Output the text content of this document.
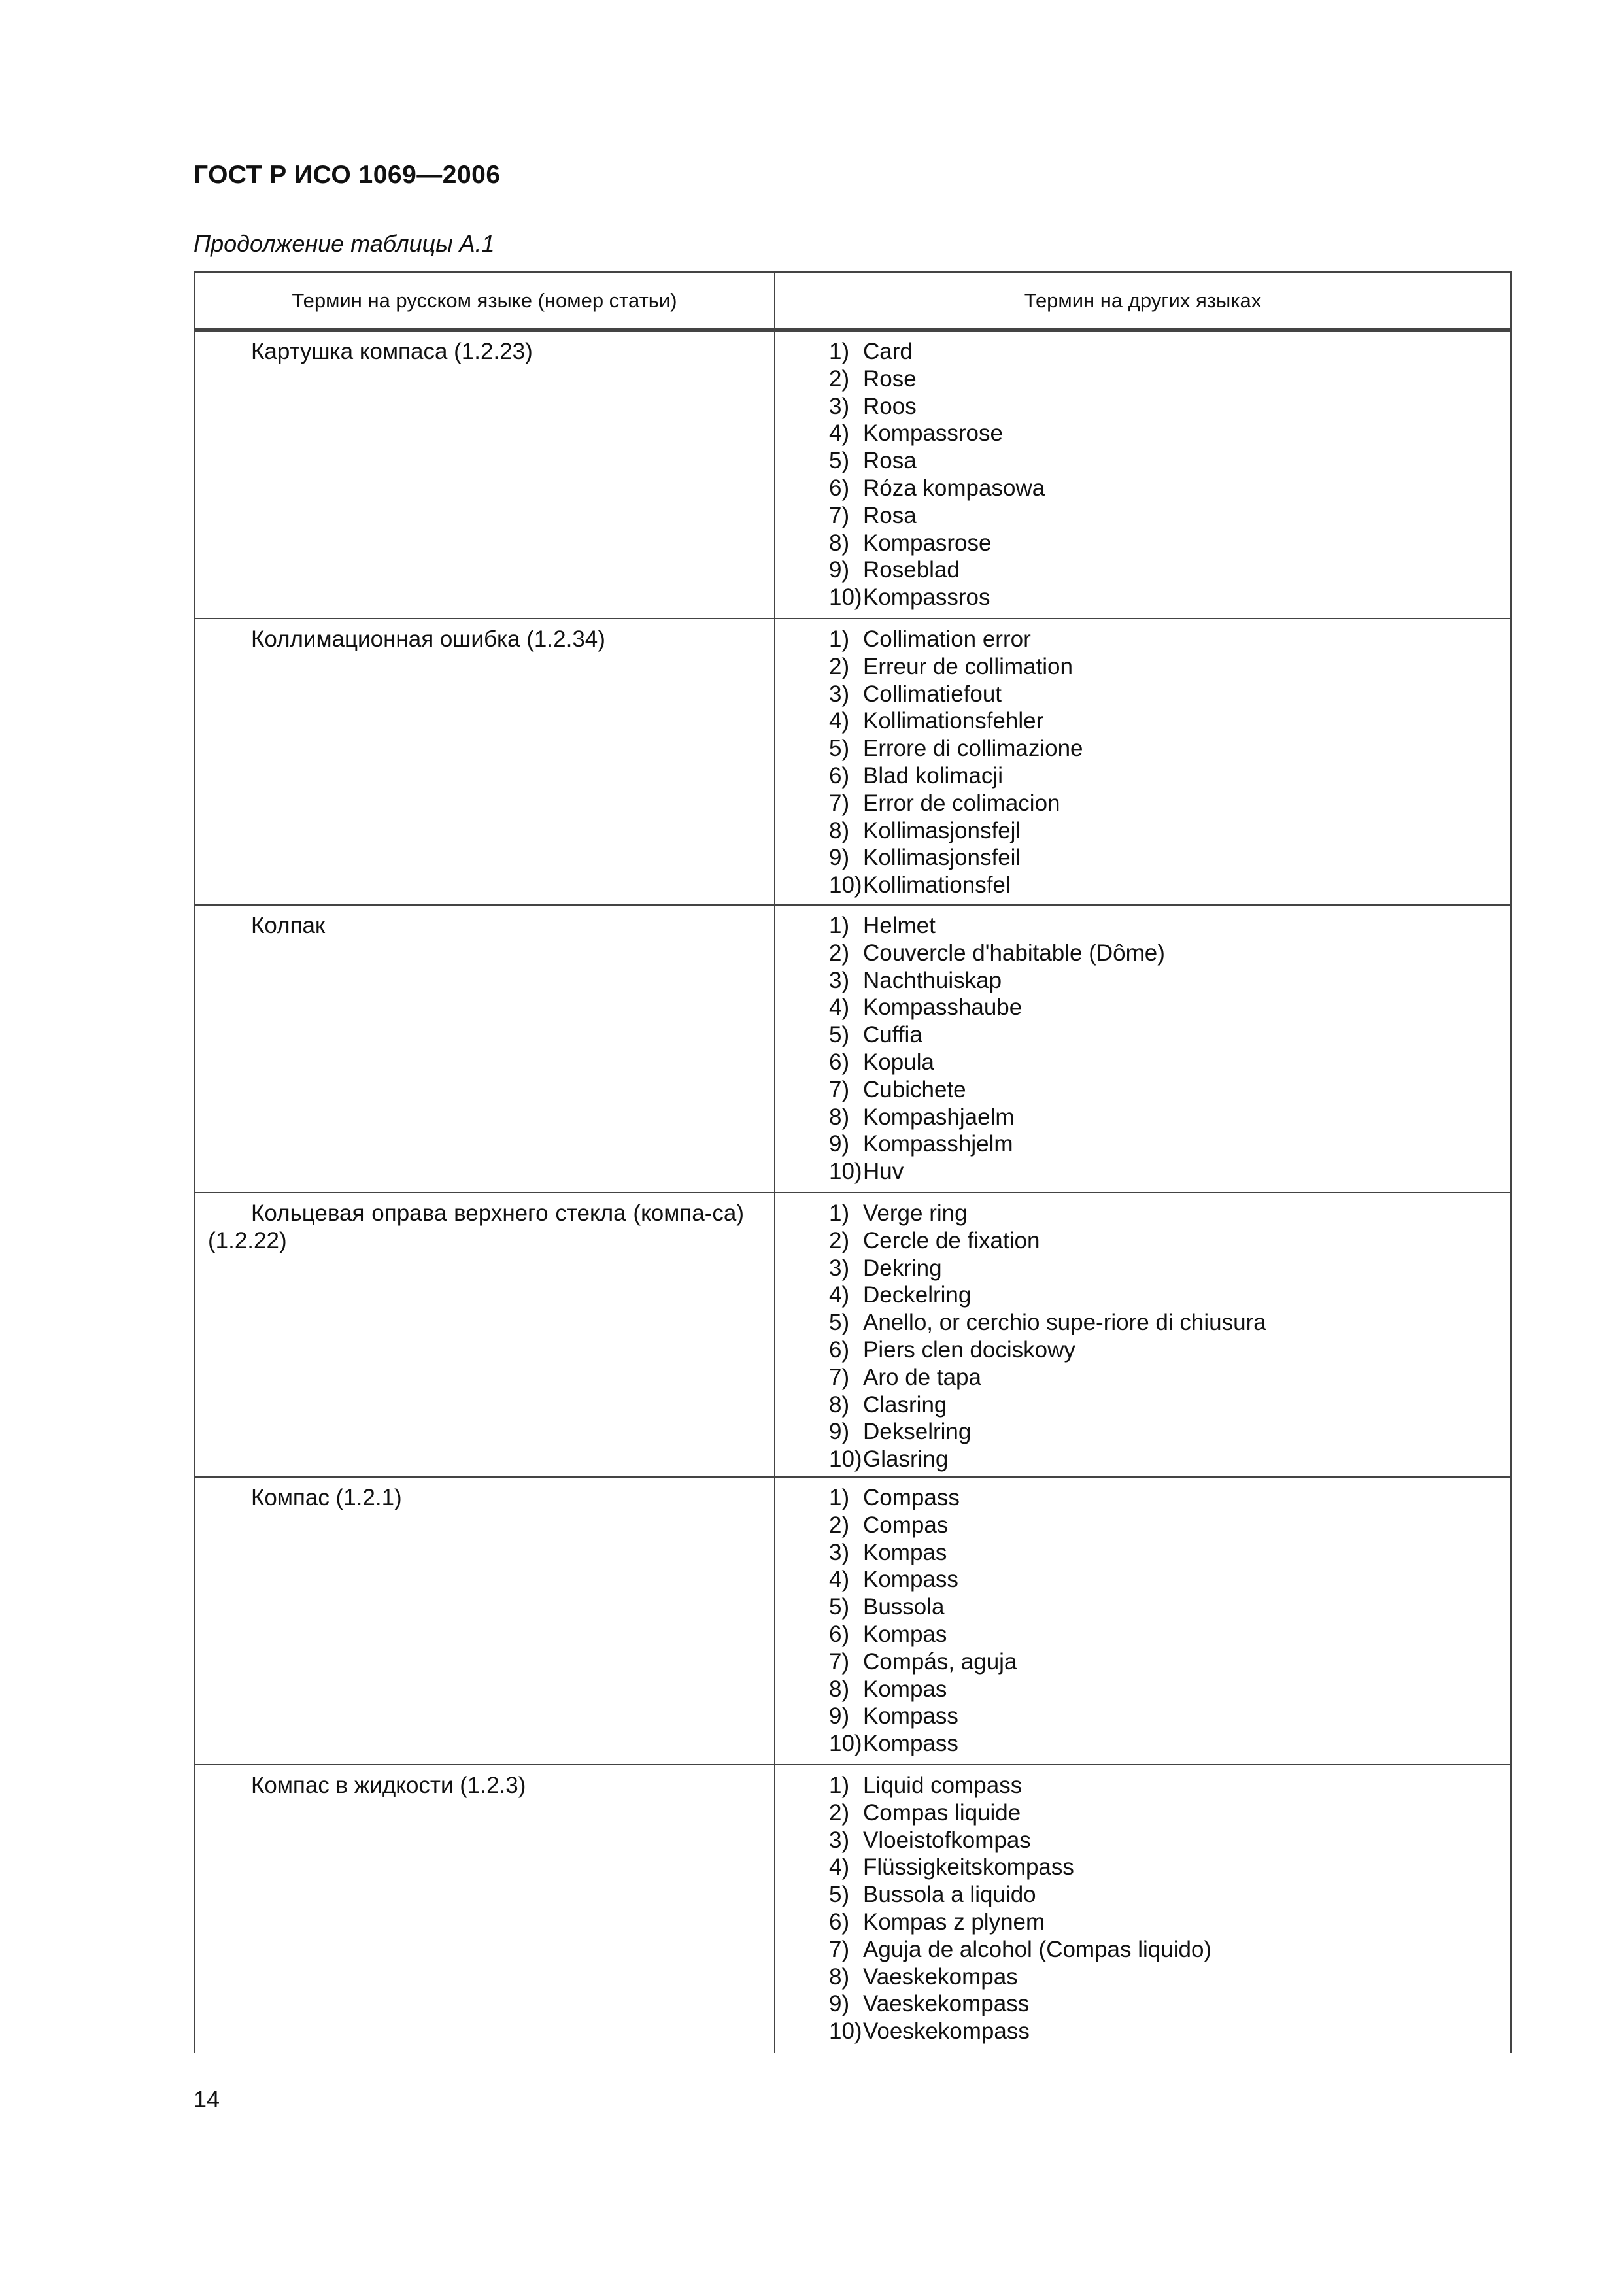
ГОСТ Р ИСО 1069—2006
Продолжение таблицы А.1
Термин на русском языке (номер статьи)	Термин на других языках
Картушка компаса (1.2.23)	1) Card
2) Rose
3) Roos
4) Kompassrose
5) Rosa
6) Róza kompasowa
7) Rosa
8) Kompasrose
9) Roseblad
10)Kompassros
Коллимационная ошибка (1.2.34)	1) Collimation error
2) Erreur de collimation
3) Collimatiefout
4) Kollimationsfehler
5) Errore di collimazione
6) Blad kolimacji
7) Error de colimacion
8) Kollimasjonsfejl
9) Kollimasjonsfeil
10)Kollimationsfel
Колпак	1) Helmet
2) Couvercle d'habitable (Dôme)
3) Nachthuiskap
4) Kompasshaube
5) Cuffia
6) Kopula
7) Cubichete
8) Kompashjaelm
9) Kompasshjelm
10)Huv
Кольцевая оправа верхнего стекла (компа-са) (1.2.22)
1) Verge ring
2) Cercle de fixation
3) Dekring
4) Deckelring
5) Anello, or cerchio supe-riore di chiusura
6) Piers clen dociskowy
7) Aro de tapa
8) Clasring
9) Dekselring
10)Glasring
Компас (1.2.1)	1) Compass
2) Compas
3) Kompas
4) Kompass
5) Bussola
6) Kompas
7) Compás, aguja
8) Kompas
9) Kompass
10)Kompass
Компас в жидкости (1.2.3)	1) Liquid compass
2) Compas liquide
3) Vloeistofkompas
4) Flüssigkeitskompass
5) Bussola a liquido
6) Kompas z plynem
7) Aguja de alcohol (Compas liquido)
8) Vaeskekompas
9) Vaeskekompass
10)Voeskekompass
14
